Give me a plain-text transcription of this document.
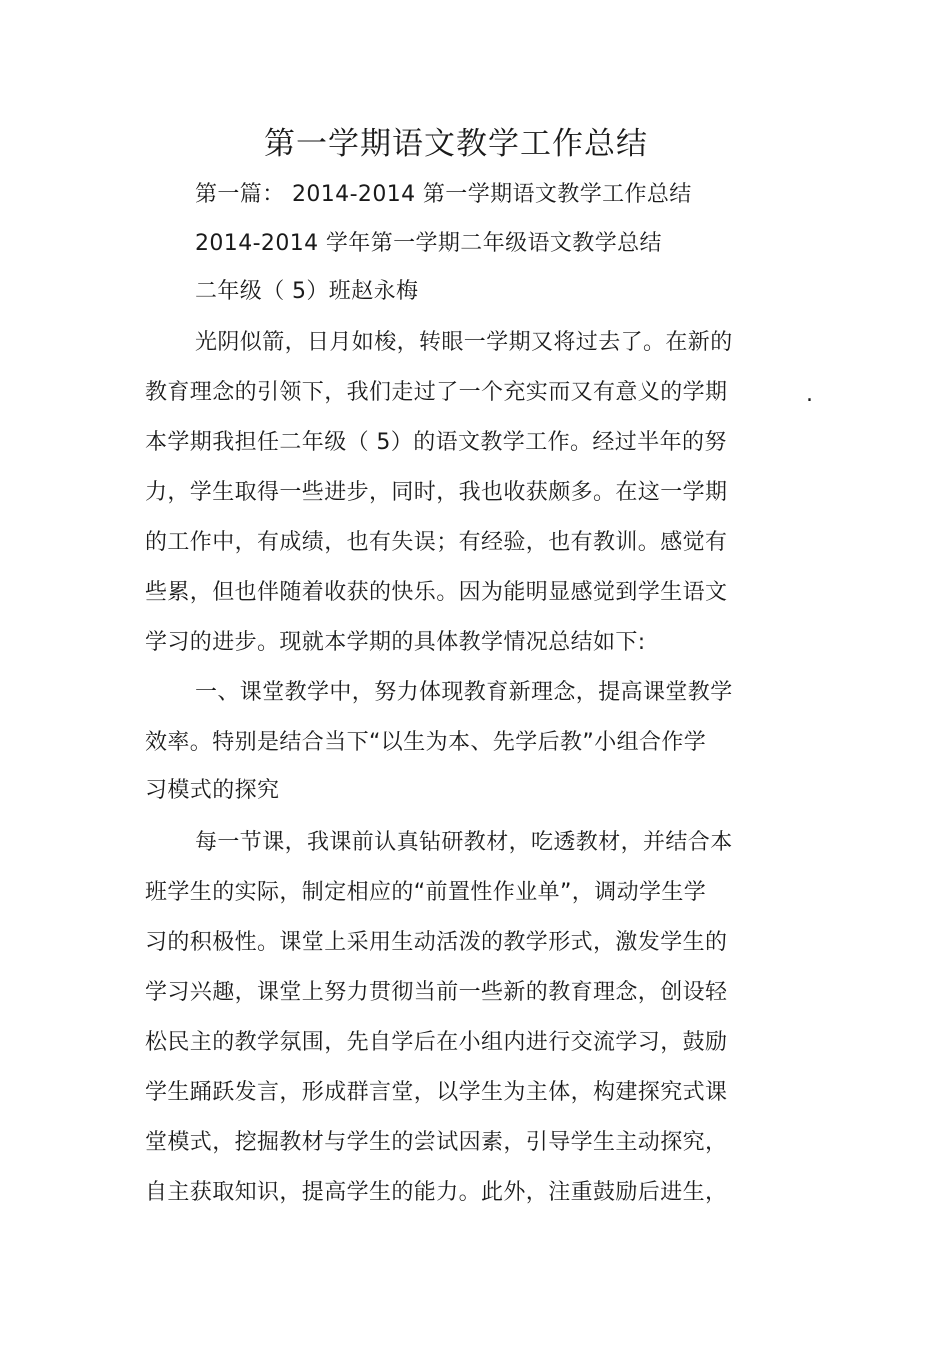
第一学期语文教学工作总结
第一篇： 2014-2014 第一学期语文教学工作总结
2014-2014 学年第一学期二年级语文教学总结
二年级（ 5）班赵永梅
光阴似箭，日月如梭，转眼一学期又将过去了。在新的
教育理念的引领下，我们走过了一个充实而又有意义的学期	.
本学期我担任二年级（ 5）的语文教学工作。经过半年的努
力，学生取得一些进步，同时，我也收获颇多。在这一学期
的工作中，有成绩，也有失误；有经验，也有教训。感觉有
些累，但也伴随着收获的快乐。因为能明显感觉到学生语文
学习的进步。现就本学期的具体教学情况总结如下:
一、课堂教学中，努力体现教育新理念，提高课堂教学
效率。特别是结合当下“以生为本、先学后教”小组合作学
习模式的探究
每一节课，我课前认真钻研教材，吃透教材，并结合本
班学生的实际，制定相应的“前置性作业单”，调动学生学
习的积极性。课堂上采用生动活泼的教学形式，激发学生的
学习兴趣，课堂上努力贯彻当前一些新的教育理念，创设轻
松民主的教学氛围，先自学后在小组内进行交流学习，鼓励
学生踊跃发言，形成群言堂，以学生为主体，构建探究式课
堂模式，挖掘教材与学生的尝试因素，引导学生主动探究，
自主获取知识，提高学生的能力。此外，注重鼓励后进生，
